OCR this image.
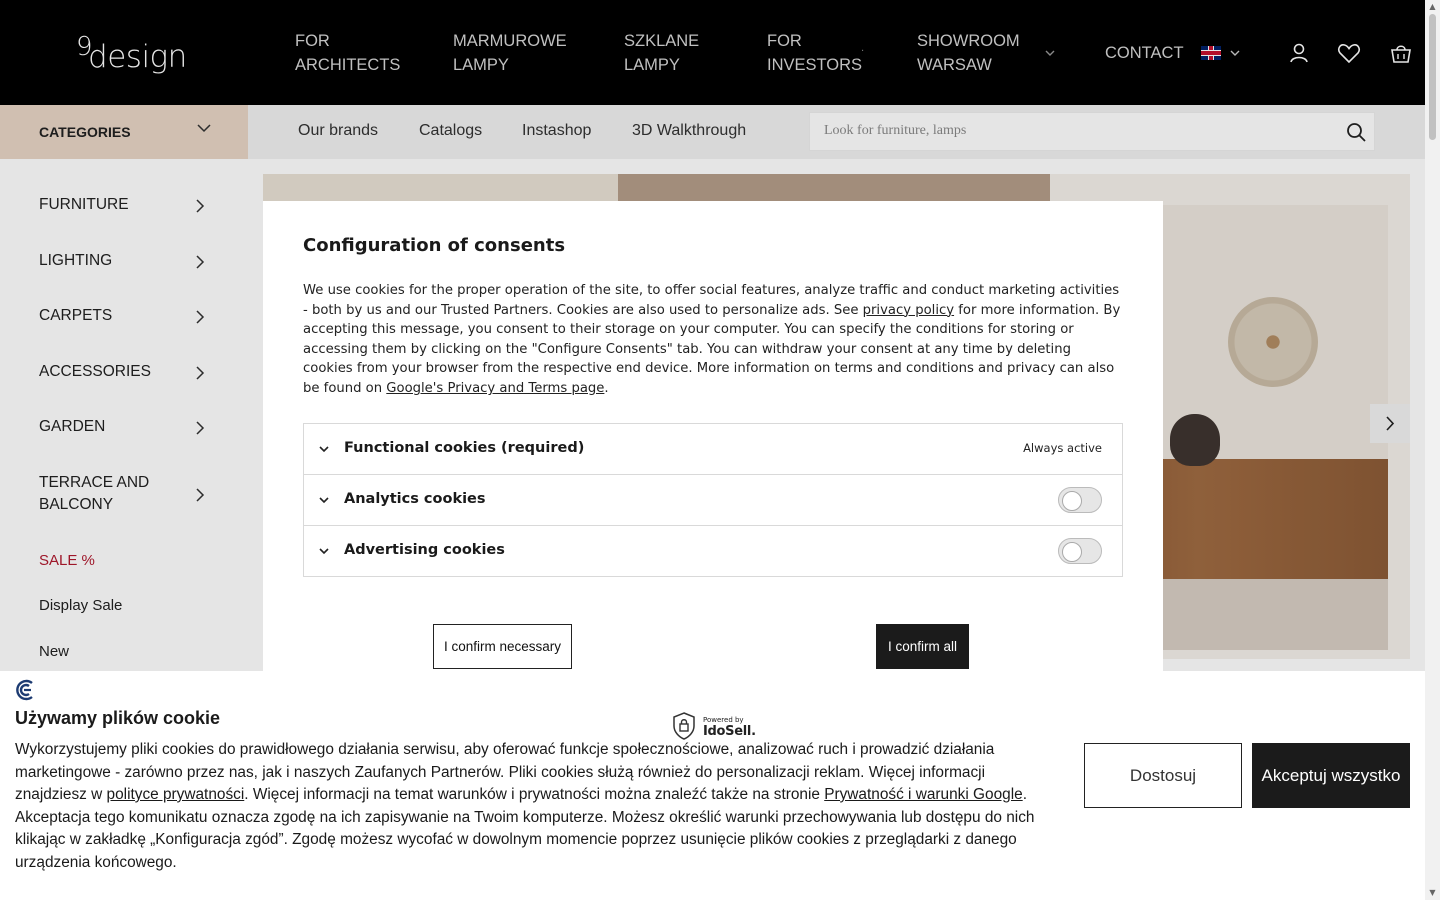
$^9$design	FOR
ARCHITECTS
MARMUROWE
LAMPY
SZKLANE
LAMPY
FOR
INVESTORS
·
SHOWROOM
WARSAW
CONTACT
CATEGORIES	Our brands	Catalogs Instashop	3D Walkthrough
Look for furniture, lamps
FURNITURE
LIGHTING
CARPETS
ACCESSORIES
GARDEN
TERRACE AND
BALCONY
SALE %
Display Sale
New
Używamy plików cookie
Wykorzystujemy pliki cookies do prawidłowego działania serwisu, aby oferować funkcje społecznościowe, analizować ruch i prowadzić działania marketingowe - zarówno przez nas, jak i naszych Zaufanych Partnerów. Pliki cookies służą również do personalizacji reklam. Więcej informacji znajdziesz w polityce prywatności. Więcej informacji na temat warunków i prywatności można znaleźć także na stronie Prywatność i warunki Google. Akceptacja tego komunikatu oznacza zgodę na ich zapisywanie na Twoim komputerze. Możesz określić warunki przechowywania lub dostępu do nich klikając w zakładkę „Konfiguracja zgód”. Zgodę możesz wycofać w dowolnym momencie poprzez usunięcie plików cookies z przeglądarki z danego urządzenia końcowego.
Dostosuj	Akceptuj wszystko
Configuration of consents
We use cookies for the proper operation of the site, to offer social features, analyze traffic and conduct marketing activities - both by us and our Trusted Partners. Cookies are also used to personalize ads. See privacy policy for more information. By accepting this message, you consent to their storage on your computer. You can specify the conditions for storing or accessing them by clicking on the "Configure Consents" tab. You can withdraw your consent at any time by deleting cookies from your browser from the respective end device. More information on terms and conditions and privacy can also be found on Google's Privacy and Terms page.
Functional cookies (required)	Always active
Analytics cookies
Advertising cookies
I confirm necessary	I confirm all
Powered by
IdoSell.
▲
▼
